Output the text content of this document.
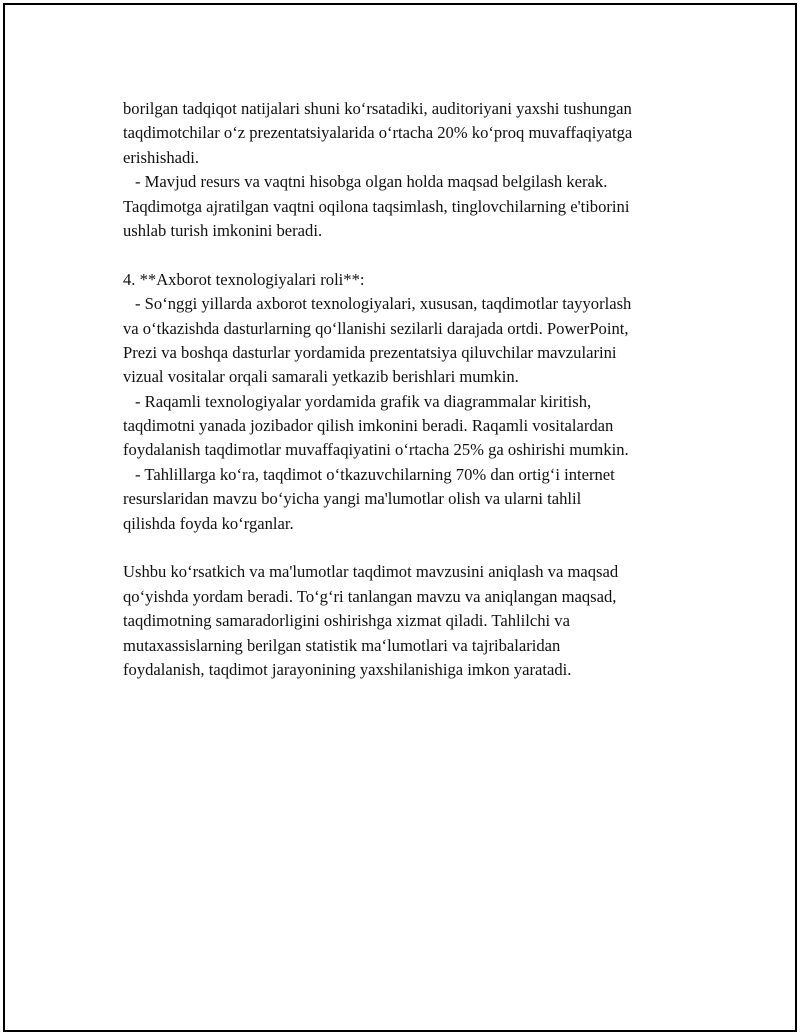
borilgan tadqiqot natijalari shuni koʻrsatadiki, auditoriyani yaxshi tushungan
taqdimotchilar oʻz prezentatsiyalarida oʻrtacha 20% koʻproq muvaffaqiyatga
erishishadi.
- Mavjud resurs va vaqtni hisobga olgan holda maqsad belgilash kerak.
Taqdimotga ajratilgan vaqtni oqilona taqsimlash, tinglovchilarning e'tiborini
ushlab turish imkonini beradi.
4. **Axborot texnologiyalari roli**:
- Soʻnggi yillarda axborot texnologiyalari, xususan, taqdimotlar tayyorlash
va oʻtkazishda dasturlarning qoʻllanishi sezilarli darajada ortdi. PowerPoint,
Prezi va boshqa dasturlar yordamida prezentatsiya qiluvchilar mavzularini
vizual vositalar orqali samarali yetkazib berishlari mumkin.
- Raqamli texnologiyalar yordamida grafik va diagrammalar kiritish,
taqdimotni yanada jozibador qilish imkonini beradi. Raqamli vositalardan
foydalanish taqdimotlar muvaffaqiyatini oʻrtacha 25% ga oshirishi mumkin.
- Tahlillarga koʻra, taqdimot oʻtkazuvchilarning 70% dan ortigʻi internet
resurslaridan mavzu boʻyicha yangi ma'lumotlar olish va ularni tahlil
qilishda foyda koʻrganlar.
Ushbu koʻrsatkich va ma'lumotlar taqdimot mavzusini aniqlash va maqsad
qoʻyishda yordam beradi. Toʻgʻri tanlangan mavzu va aniqlangan maqsad,
taqdimotning samaradorligini oshirishga xizmat qiladi. Tahlilchi va
mutaxassislarning berilgan statistik maʻlumotlari va tajribalaridan
foydalanish, taqdimot jarayonining yaxshilanishiga imkon yaratadi.
